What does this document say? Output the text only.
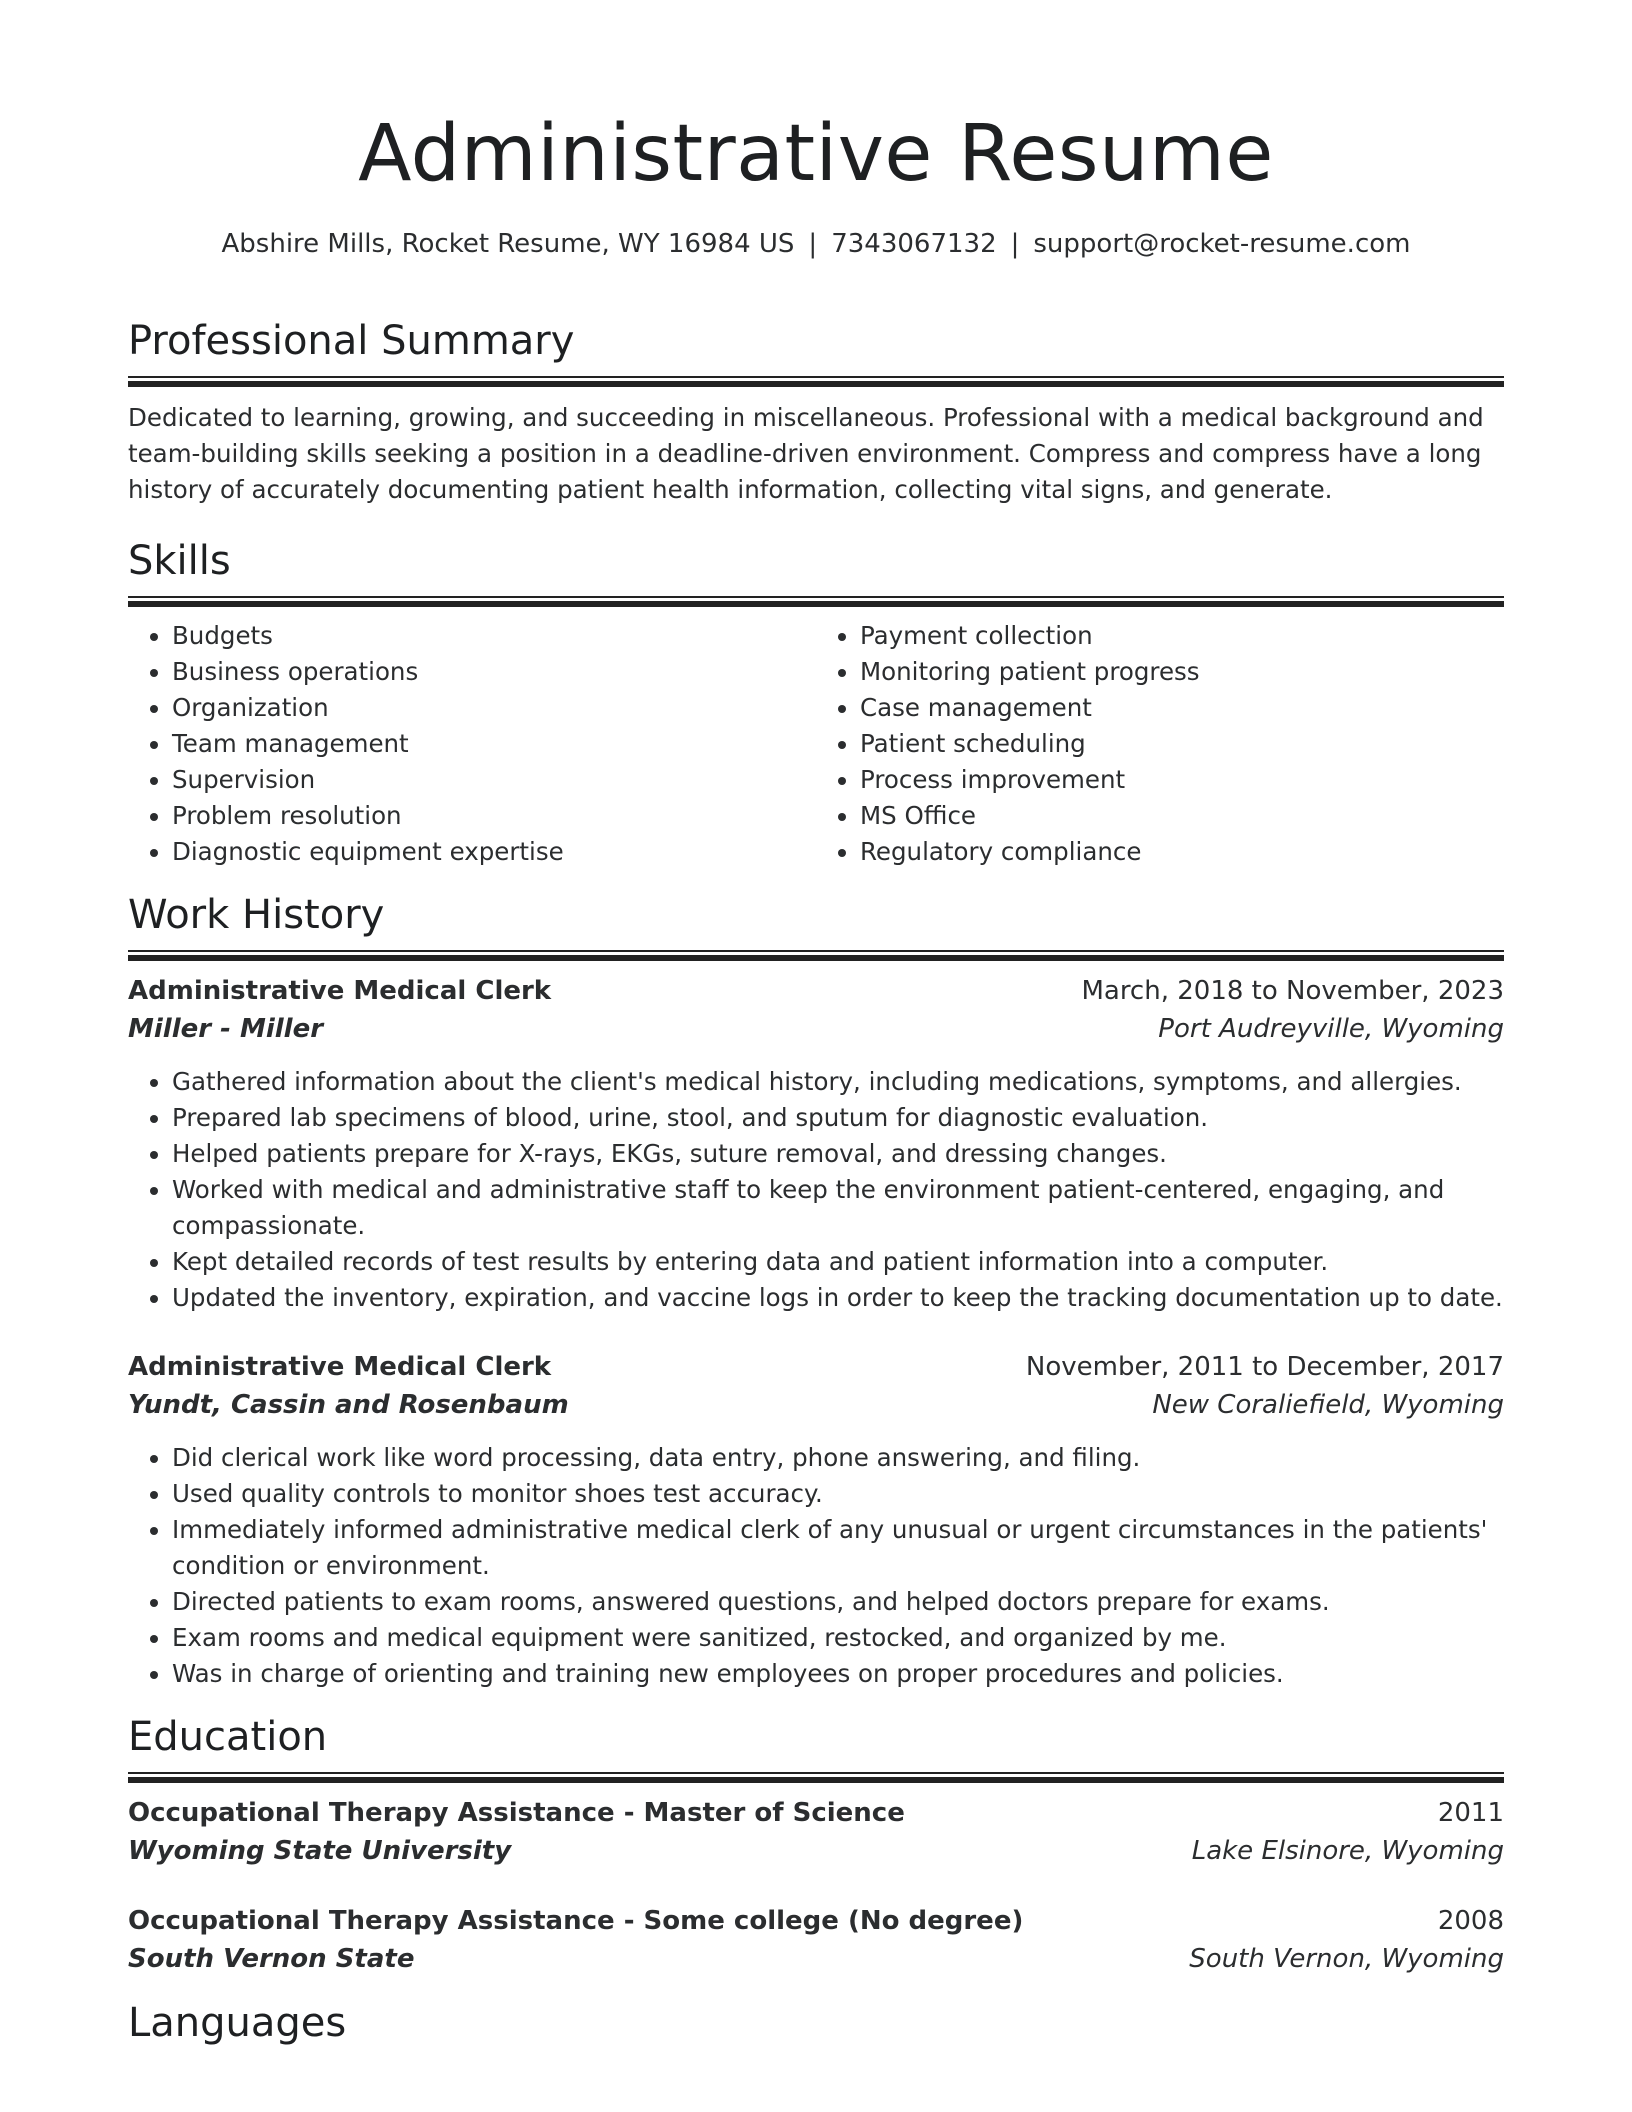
Administrative Resume
Abshire Mills, Rocket Resume, WY 16984 US | 7343067132 | support@rocket-resume.com
Professional Summary

Dedicated to learning, growing, and succeeding in miscellaneous. Professional with a medical background and team-building skills seeking a position in a deadline-driven environment. Compress and compress have a long history of accurately documenting patient health information, collecting vital signs, and generate.

Skills
• Budgets
• Business operations
• Organization
• Team management
• Supervision
• Problem resolution
• Diagnostic equipment expertise
• Payment collection
• Monitoring patient progress
• Case management
• Patient scheduling
• Process improvement
• MS Office
• Regulatory compliance
Work History
Administrative Medical Clerk	March, 2018 to November, 2023
Miller - Miller	Port Audreyville, Wyoming
• Gathered information about the client's medical history, including medications, symptoms, and allergies.
• Prepared lab specimens of blood, urine, stool, and sputum for diagnostic evaluation.
• Helped patients prepare for X-rays, EKGs, suture removal, and dressing changes.
• Worked with medical and administrative staff to keep the environment patient-centered, engaging, and compassionate.
• Kept detailed records of test results by entering data and patient information into a computer.
• Updated the inventory, expiration, and vaccine logs in order to keep the tracking documentation up to date.
Administrative Medical Clerk	November, 2011 to December, 2017
Yundt, Cassin and Rosenbaum	New Coraliefield, Wyoming
• Did clerical work like word processing, data entry, phone answering, and filing.
• Used quality controls to monitor shoes test accuracy.
• Immediately informed administrative medical clerk of any unusual or urgent circumstances in the patients' condition or environment.
• Directed patients to exam rooms, answered questions, and helped doctors prepare for exams.
• Exam rooms and medical equipment were sanitized, restocked, and organized by me.
• Was in charge of orienting and training new employees on proper procedures and policies.
Education
Occupational Therapy Assistance - Master of Science	2011
Wyoming State University	Lake Elsinore, Wyoming
Occupational Therapy Assistance - Some college (No degree)	2008
South Vernon State	South Vernon, Wyoming
Languages
